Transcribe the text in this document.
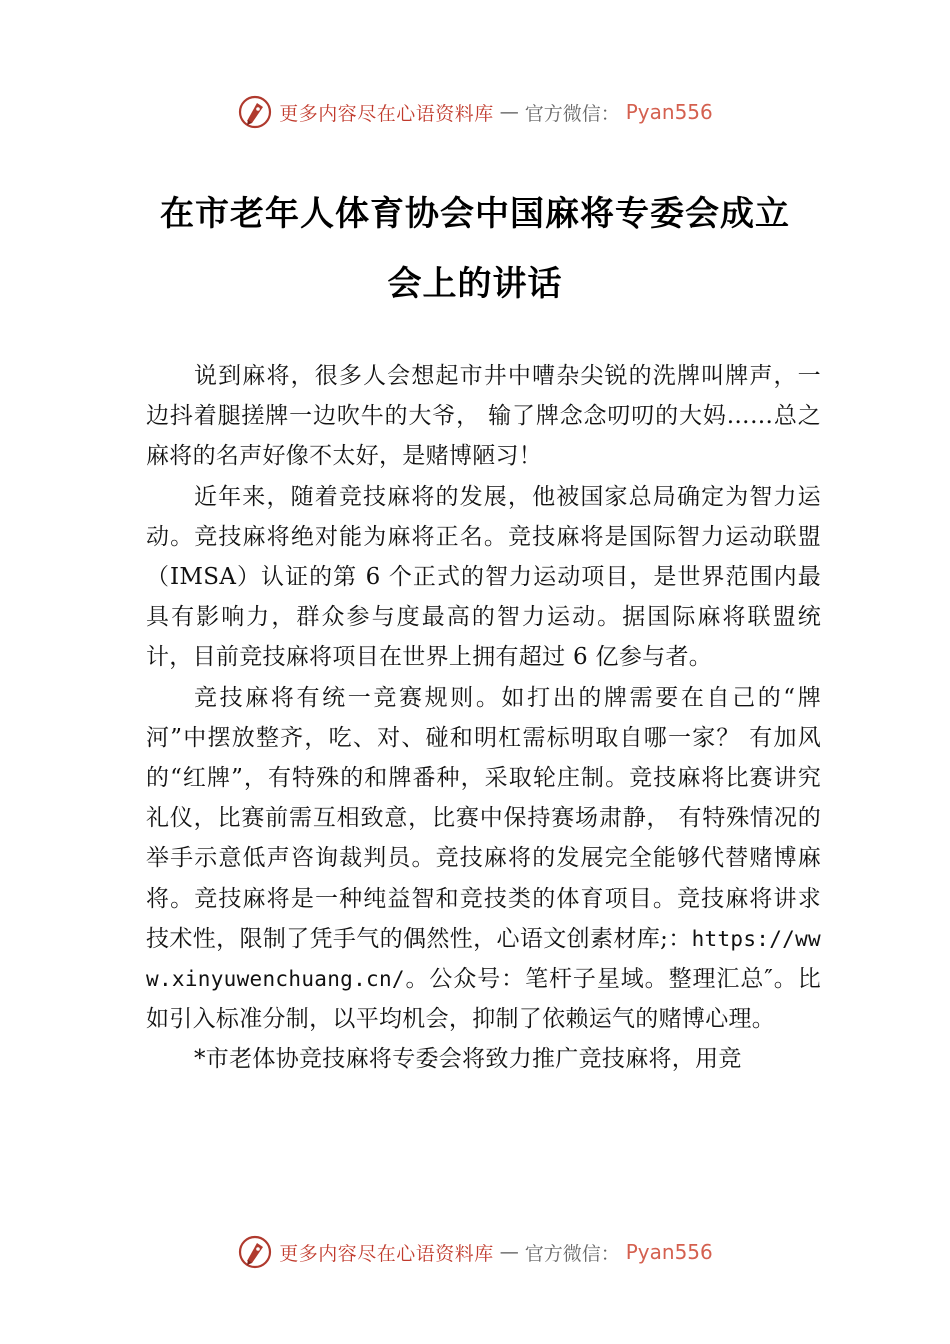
更多内容尽在心语资料库 — 官方微信： Pyan556
在市老年人体育协会中国麻将专委会成立
会上的讲话

说到麻将，很多人会想起市井中嘈杂尖锐的洗牌叫牌声，一边抖着腿搓牌一边吹牛的大爷， 输了牌念念叨叨的大妈……总之麻将的名声好像不太好，是赌博陋习！

近年来，随着竞技麻将的发展，他被国家总局确定为智力运动。竞技麻将绝对能为麻将正名。竞技麻将是国际智力运动联盟（IMSA）认证的第 6 个正式的智力运动项目，是世界范围内最具有影响力，群众参与度最高的智力运动。据国际麻将联盟统计，目前竞技麻将项目在世界上拥有超过 6 亿参与者。

竞技麻将有统一竞赛规则。如打出的牌需要在自己的“牌河”中摆放整齐，吃、对、碰和明杠需标明取自哪一家？ 有加风的“红牌”，有特殊的和牌番种，采取轮庄制。竞技麻将比赛讲究礼仪，比赛前需互相致意，比赛中保持赛场肃静， 有特殊情况的举手示意低声咨询裁判员。竞技麻将的发展完全能够代替赌博麻将。竞技麻将是一种纯益智和竞技类的体育项目。竞技麻将讲求技术性，限制了凭手气的偶然性，心语文创素材库;：https://www.xinyuwenchuang.cn/。公众号：笔杆子星域。整理汇总″。比如引入标准分制，以平均机会，抑制了依赖运气的赌博心理。

*市老体协竞技麻将专委会将致力推广竞技麻将，用竞

更多内容尽在心语资料库 — 官方微信： Pyan556
